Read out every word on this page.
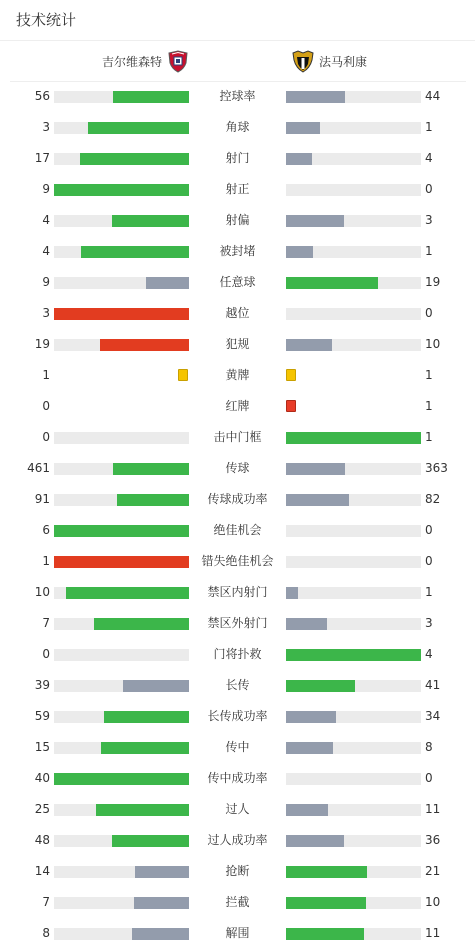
技术统计
吉尔维森特	法马利康
56	控球率	44
3	角球	1
17	射门	4
9	射正	0
4	射偏	3
4	被封堵	1
9	任意球	19
3	越位	0
19	犯规	10
1	黄牌	1
0	红牌	1
0	击中门框	1
461	传球	363
91	传球成功率	82
6	绝佳机会	0
1	错失绝佳机会	0
10	禁区内射门	1
7	禁区外射门	3
0	门将扑救	4
39	长传	41
59	长传成功率	34
15	传中	8
40	传中成功率	0
25	过人	11
48	过人成功率	36
14	抢断	21
7	拦截	10
8	解围	11
